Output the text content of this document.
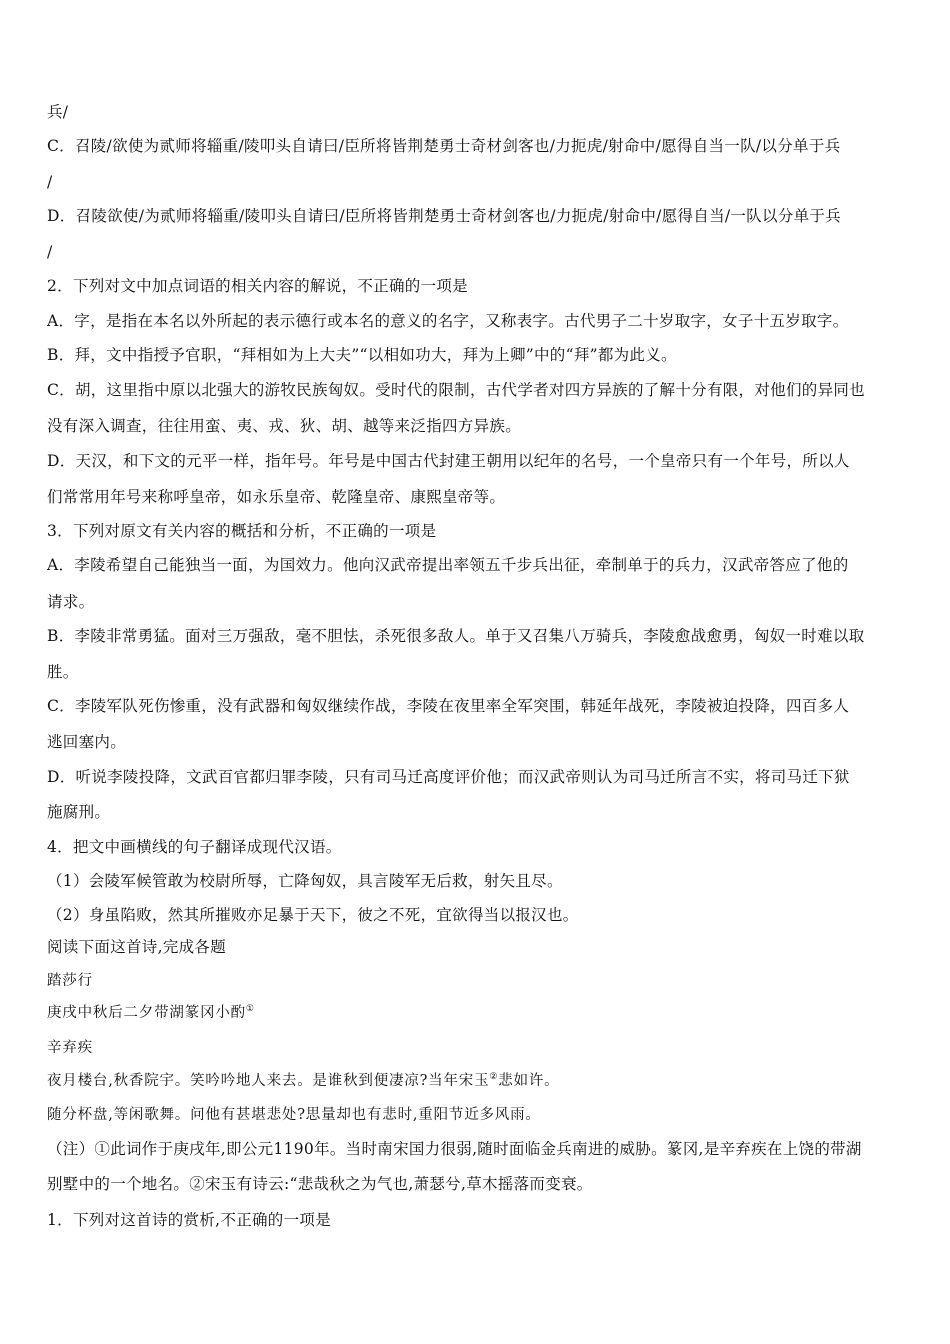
兵/
C．召陵/欲使为贰师将辎重/陵叩头自请曰/臣所将皆荆楚勇士奇材剑客也/力扼虎/射命中/愿得自当一队/以分单于兵
/
D．召陵欲使/为贰师将辎重/陵叩头自请曰/臣所将皆荆楚勇士奇材剑客也/力扼虎/射命中/愿得自当/一队以分单于兵
/
2．下列对文中加点词语的相关内容的解说，不正确的一项是
A．字，是指在本名以外所起的表示德行或本名的意义的名字，又称表字。古代男子二十岁取字，女子十五岁取字。
B．拜，文中指授予官职，“拜相如为上大夫”“以相如功大，拜为上卿”中的“拜”都为此义。
C．胡，这里指中原以北强大的游牧民族匈奴。受时代的限制，古代学者对四方异族的了解十分有限，对他们的异同也
没有深入调查，往往用蛮、夷、戎、狄、胡、越等来泛指四方异族。
D．天汉，和下文的元平一样，指年号。年号是中国古代封建王朝用以纪年的名号，一个皇帝只有一个年号，所以人
们常常用年号来称呼皇帝，如永乐皇帝、乾隆皇帝、康熙皇帝等。
3．下列对原文有关内容的概括和分析，不正确的一项是
A．李陵希望自己能独当一面，为国效力。他向汉武帝提出率领五千步兵出征，牵制单于的兵力，汉武帝答应了他的
请求。
B．李陵非常勇猛。面对三万强敌，毫不胆怯，杀死很多敌人。单于又召集八万骑兵，李陵愈战愈勇，匈奴一时难以取
胜。
C．李陵军队死伤惨重，没有武器和匈奴继续作战，李陵在夜里率全军突围，韩延年战死，李陵被迫投降，四百多人
逃回塞内。
D．听说李陵投降，文武百官都归罪李陵，只有司马迁高度评价他；而汉武帝则认为司马迁所言不实，将司马迁下狱
施腐刑。
4．把文中画横线的句子翻译成现代汉语。
（1）会陵军候管敢为校尉所辱，亡降匈奴，具言陵军无后救，射矢且尽。
（2）身虽陷败，然其所摧败亦足暴于天下，彼之不死，宜欲得当以报汉也。
阅读下面这首诗,完成各题
踏莎行
庚戌中秋后二夕带湖篆冈小酌①
辛弃疾
夜月楼台,秋香院宇。笑吟吟地人来去。是谁秋到便凄凉?当年宋玉②悲如许。
随分杯盘,等闲歌舞。问他有甚堪悲处?思量却也有悲时,重阳节近多风雨。
（注）①此词作于庚戌年,即公元1190年。当时南宋国力很弱,随时面临金兵南进的威胁。篆冈,是辛弃疾在上饶的带湖
别墅中的一个地名。②宋玉有诗云:“悲哉秋之为气也,萧瑟兮,草木摇落而变衰。
1．下列对这首诗的赏析,不正确的一项是
